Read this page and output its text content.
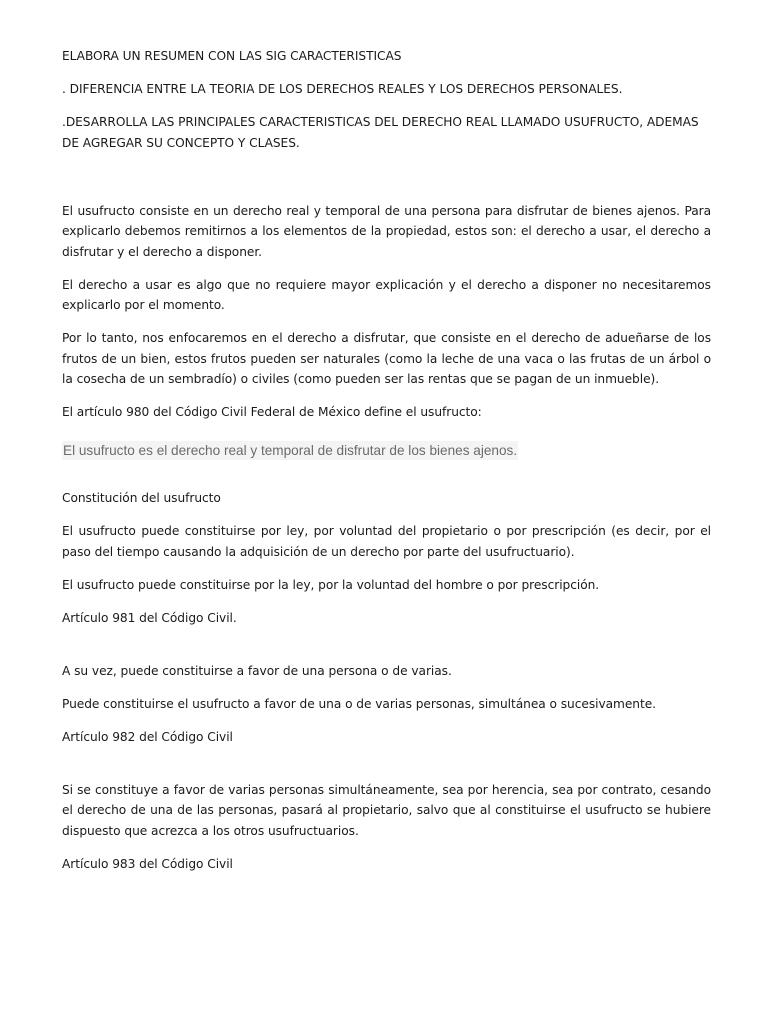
ELABORA UN RESUMEN CON LAS SIG CARACTERISTICAS

. DIFERENCIA ENTRE LA TEORIA DE LOS DERECHOS REALES Y LOS DERECHOS PERSONALES.

.DESARROLLA LAS PRINCIPALES CARACTERISTICAS DEL DERECHO REAL LLAMADO USUFRUCTO, ADEMAS DE AGREGAR SU CONCEPTO Y CLASES.

El usufructo consiste en un derecho real y temporal de una persona para disfrutar de bienes ajenos. Para explicarlo debemos remitirnos a los elementos de la propiedad, estos son: el derecho a usar, el derecho a disfrutar y el derecho a disponer.

El derecho a usar es algo que no requiere mayor explicación y el derecho a disponer no necesitaremos explicarlo por el momento.

Por lo tanto, nos enfocaremos en el derecho a disfrutar, que consiste en el derecho de adueñarse de los frutos de un bien, estos frutos pueden ser naturales (como la leche de una vaca o las frutas de un árbol o la cosecha de un sembradío) o civiles (como pueden ser las rentas que se pagan de un inmueble).

El artículo 980 del Código Civil Federal de México define el usufructo:

El usufructo es el derecho real y temporal de disfrutar de los bienes ajenos.

Constitución del usufructo

El usufructo puede constituirse por ley, por voluntad del propietario o por prescripción (es decir, por el paso del tiempo causando la adquisición de un derecho por parte del usufructuario).

El usufructo puede constituirse por la ley, por la voluntad del hombre o por prescripción.

Artículo 981 del Código Civil.

A su vez, puede constituirse a favor de una persona o de varias.

Puede constituirse el usufructo a favor de una o de varias personas, simultánea o sucesivamente.

Artículo 982 del Código Civil

Si se constituye a favor de varias personas simultáneamente, sea por herencia, sea por contrato, cesando el derecho de una de las personas, pasará al propietario, salvo que al constituirse el usufructo se hubiere dispuesto que acrezca a los otros usufructuarios.

Artículo 983 del Código Civil
